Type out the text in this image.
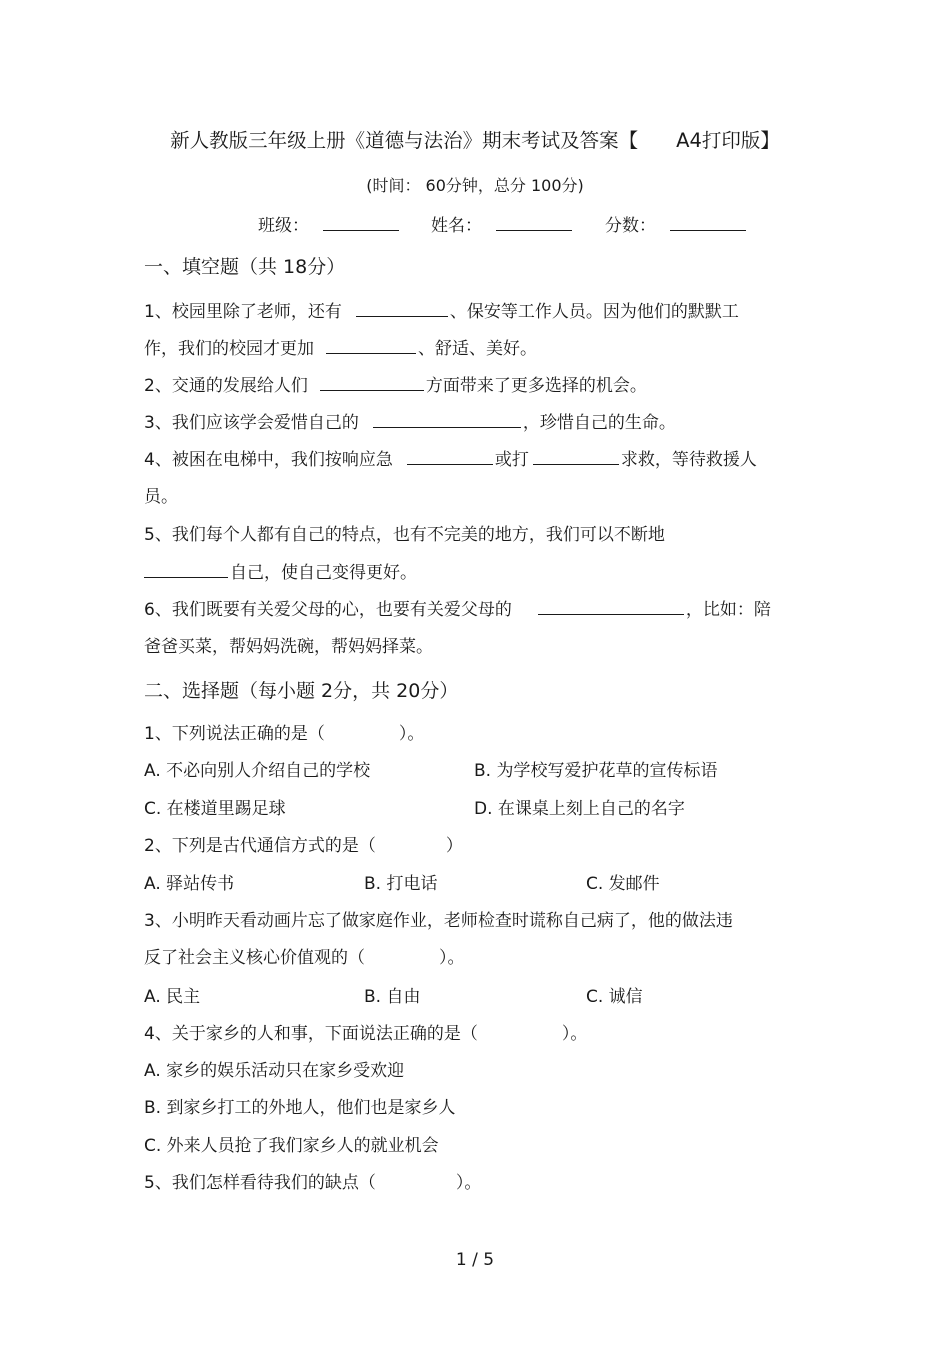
新人教版三年级上册《道德与法治》期末考试及答案【 A4打印版】
(时间： 60分钟，总分 100分)
班级：	姓名：	分数：
一、填空题（共 18分）
1、校园里除了老师，还有	、保安等工作人员。因为他们的默默工
作，我们的校园才更加	、舒适、美好。
2、交通的发展给人们	方面带来了更多选择的机会。
3、我们应该学会爱惜自己的	，珍惜自己的生命。
4、被困在电梯中，我们按响应急	或打	求救，等待救援人
员。
5、我们每个人都有自己的特点，也有不完美的地方，我们可以不断地
自己，使自己变得更好。
6、我们既要有关爱父母的心，也要有关爱父母的	，比如：陪
爸爸买菜，帮妈妈洗碗，帮妈妈择菜。
二、选择题（每小题 2分，共 20分）
1、下列说法正确的是（	）。
A. 不必向别人介绍自己的学校	B. 为学校写爱护花草的宣传标语
C. 在楼道里踢足球	D. 在课桌上刻上自己的名字
2、下列是古代通信方式的是（	）
A. 驿站传书	B. 打电话	C. 发邮件
3、小明昨天看动画片忘了做家庭作业，老师检查时谎称自己病了，他的做法违
反了社会主义核心价值观的（	）。
A. 民主	B. 自由	C. 诚信
4、关于家乡的人和事，下面说法正确的是（	）。
A. 家乡的娱乐活动只在家乡受欢迎
B. 到家乡打工的外地人，他们也是家乡人
C. 外来人员抢了我们家乡人的就业机会
5、我们怎样看待我们的缺点（	）。
1 / 5
